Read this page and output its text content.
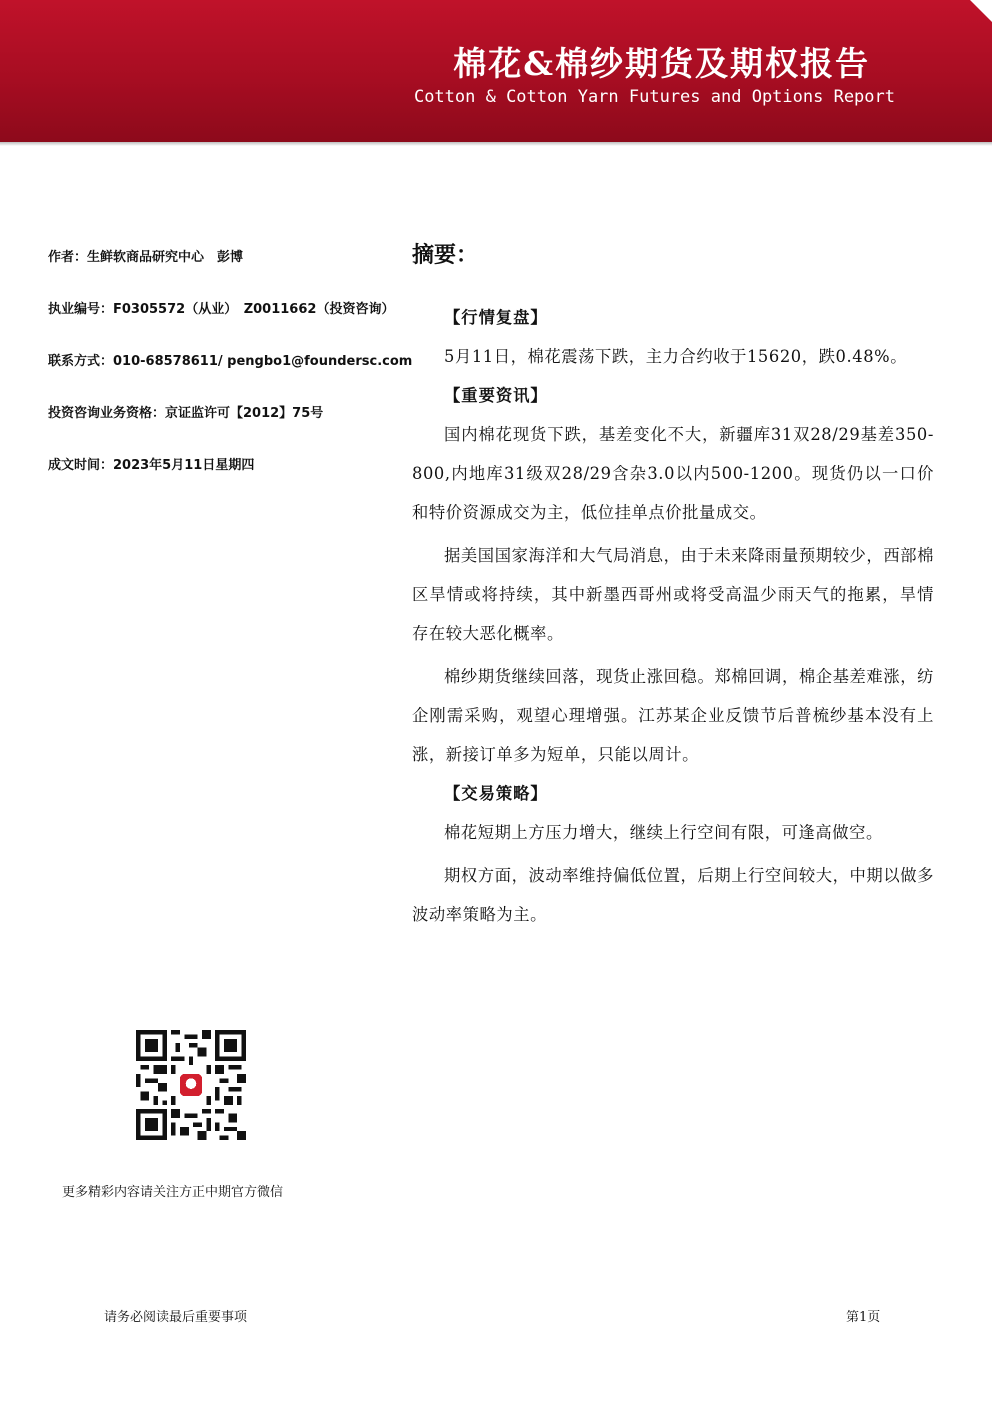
棉花&棉纱期货及期权报告
Cotton & Cotton Yarn Futures and Options Report
作者：生鲜软商品研究中心　彭博
执业编号：F0305572（从业）　Z0011662（投资咨询）
联系方式：010-68578611/ pengbo1@foundersc.com
投资咨询业务资格：京证监许可【2012】75号
成文时间：2023年5月11日星期四
更多精彩内容请关注方正中期官方微信
摘要：

【行情复盘】

5月11日，棉花震荡下跌，主力合约收于15620，跌0.48%。

【重要资讯】

国内棉花现货下跌，基差变化不大，新疆库31双28/29基差350-800,内地库31级双28/29含杂3.0以内500-1200。现货仍以一口价和特价资源成交为主，低位挂单点价批量成交。

据美国国家海洋和大气局消息，由于未来降雨量预期较少，西部棉区旱情或将持续，其中新墨西哥州或将受高温少雨天气的拖累，旱情存在较大恶化概率。

棉纱期货继续回落，现货止涨回稳。郑棉回调，棉企基差难涨，纺企刚需采购，观望心理增强。江苏某企业反馈节后普梳纱基本没有上涨，新接订单多为短单，只能以周计。

【交易策略】

棉花短期上方压力增大，继续上行空间有限，可逢高做空。

期权方面，波动率维持偏低位置，后期上行空间较大，中期以做多波动率策略为主。

请务必阅读最后重要事项	第1页
